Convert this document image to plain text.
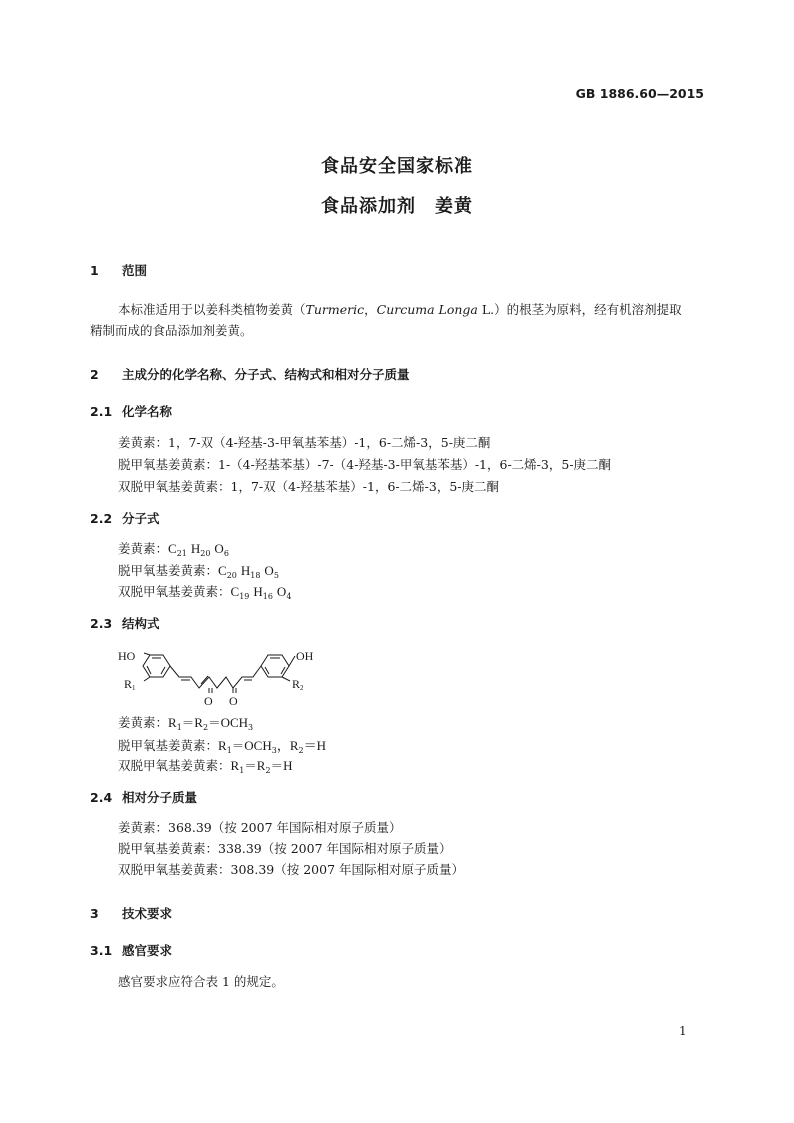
GB 1886.60—2015
食品安全国家标准
食品添加剂　姜黄
1 范围
本标准适用于以姜科类植物姜黄（Turmeric，Curcuma Longa L.）的根茎为原料，经有机溶剂提取
精制而成的食品添加剂姜黄。
2 主成分的化学名称、分子式、结构式和相对分子质量
2.1 化学名称
姜黄素：1，7-双（4-羟基-3-甲氧基苯基）-1，6-二烯-3，5-庚二酮
脱甲氧基姜黄素：1-（4-羟基苯基）-7-（4-羟基-3-甲氧基苯基）-1，6-二烯-3，5-庚二酮
双脱甲氧基姜黄素：1，7-双（4-羟基苯基）-1，6-二烯-3，5-庚二酮
2.2 分子式
姜黄素：$C_{21}$ $H_{20}$ $O_6$
脱甲氧基姜黄素：$C_{20}$ $H_{18}$ $O_5$
双脱甲氧基姜黄素：$C_{19}$ $H_{16}$ $O_4$
2.3 结构式
HO
R 1
O O
OH
R 2
姜黄素：$R_1=R_2=OCH_3$
脱甲氧基姜黄素：$R_1=OCH_3$，$R_2=H$
双脱甲氧基姜黄素：$R_1=R_2=H$
2.4 相对分子质量
姜黄素：368.39（按 2007 年国际相对原子质量）
脱甲氧基姜黄素：338.39（按 2007 年国际相对原子质量）
双脱甲氧基姜黄素：308.39（按 2007 年国际相对原子质量）
3 技术要求
3.1 感官要求
感官要求应符合表 1 的规定。
1
